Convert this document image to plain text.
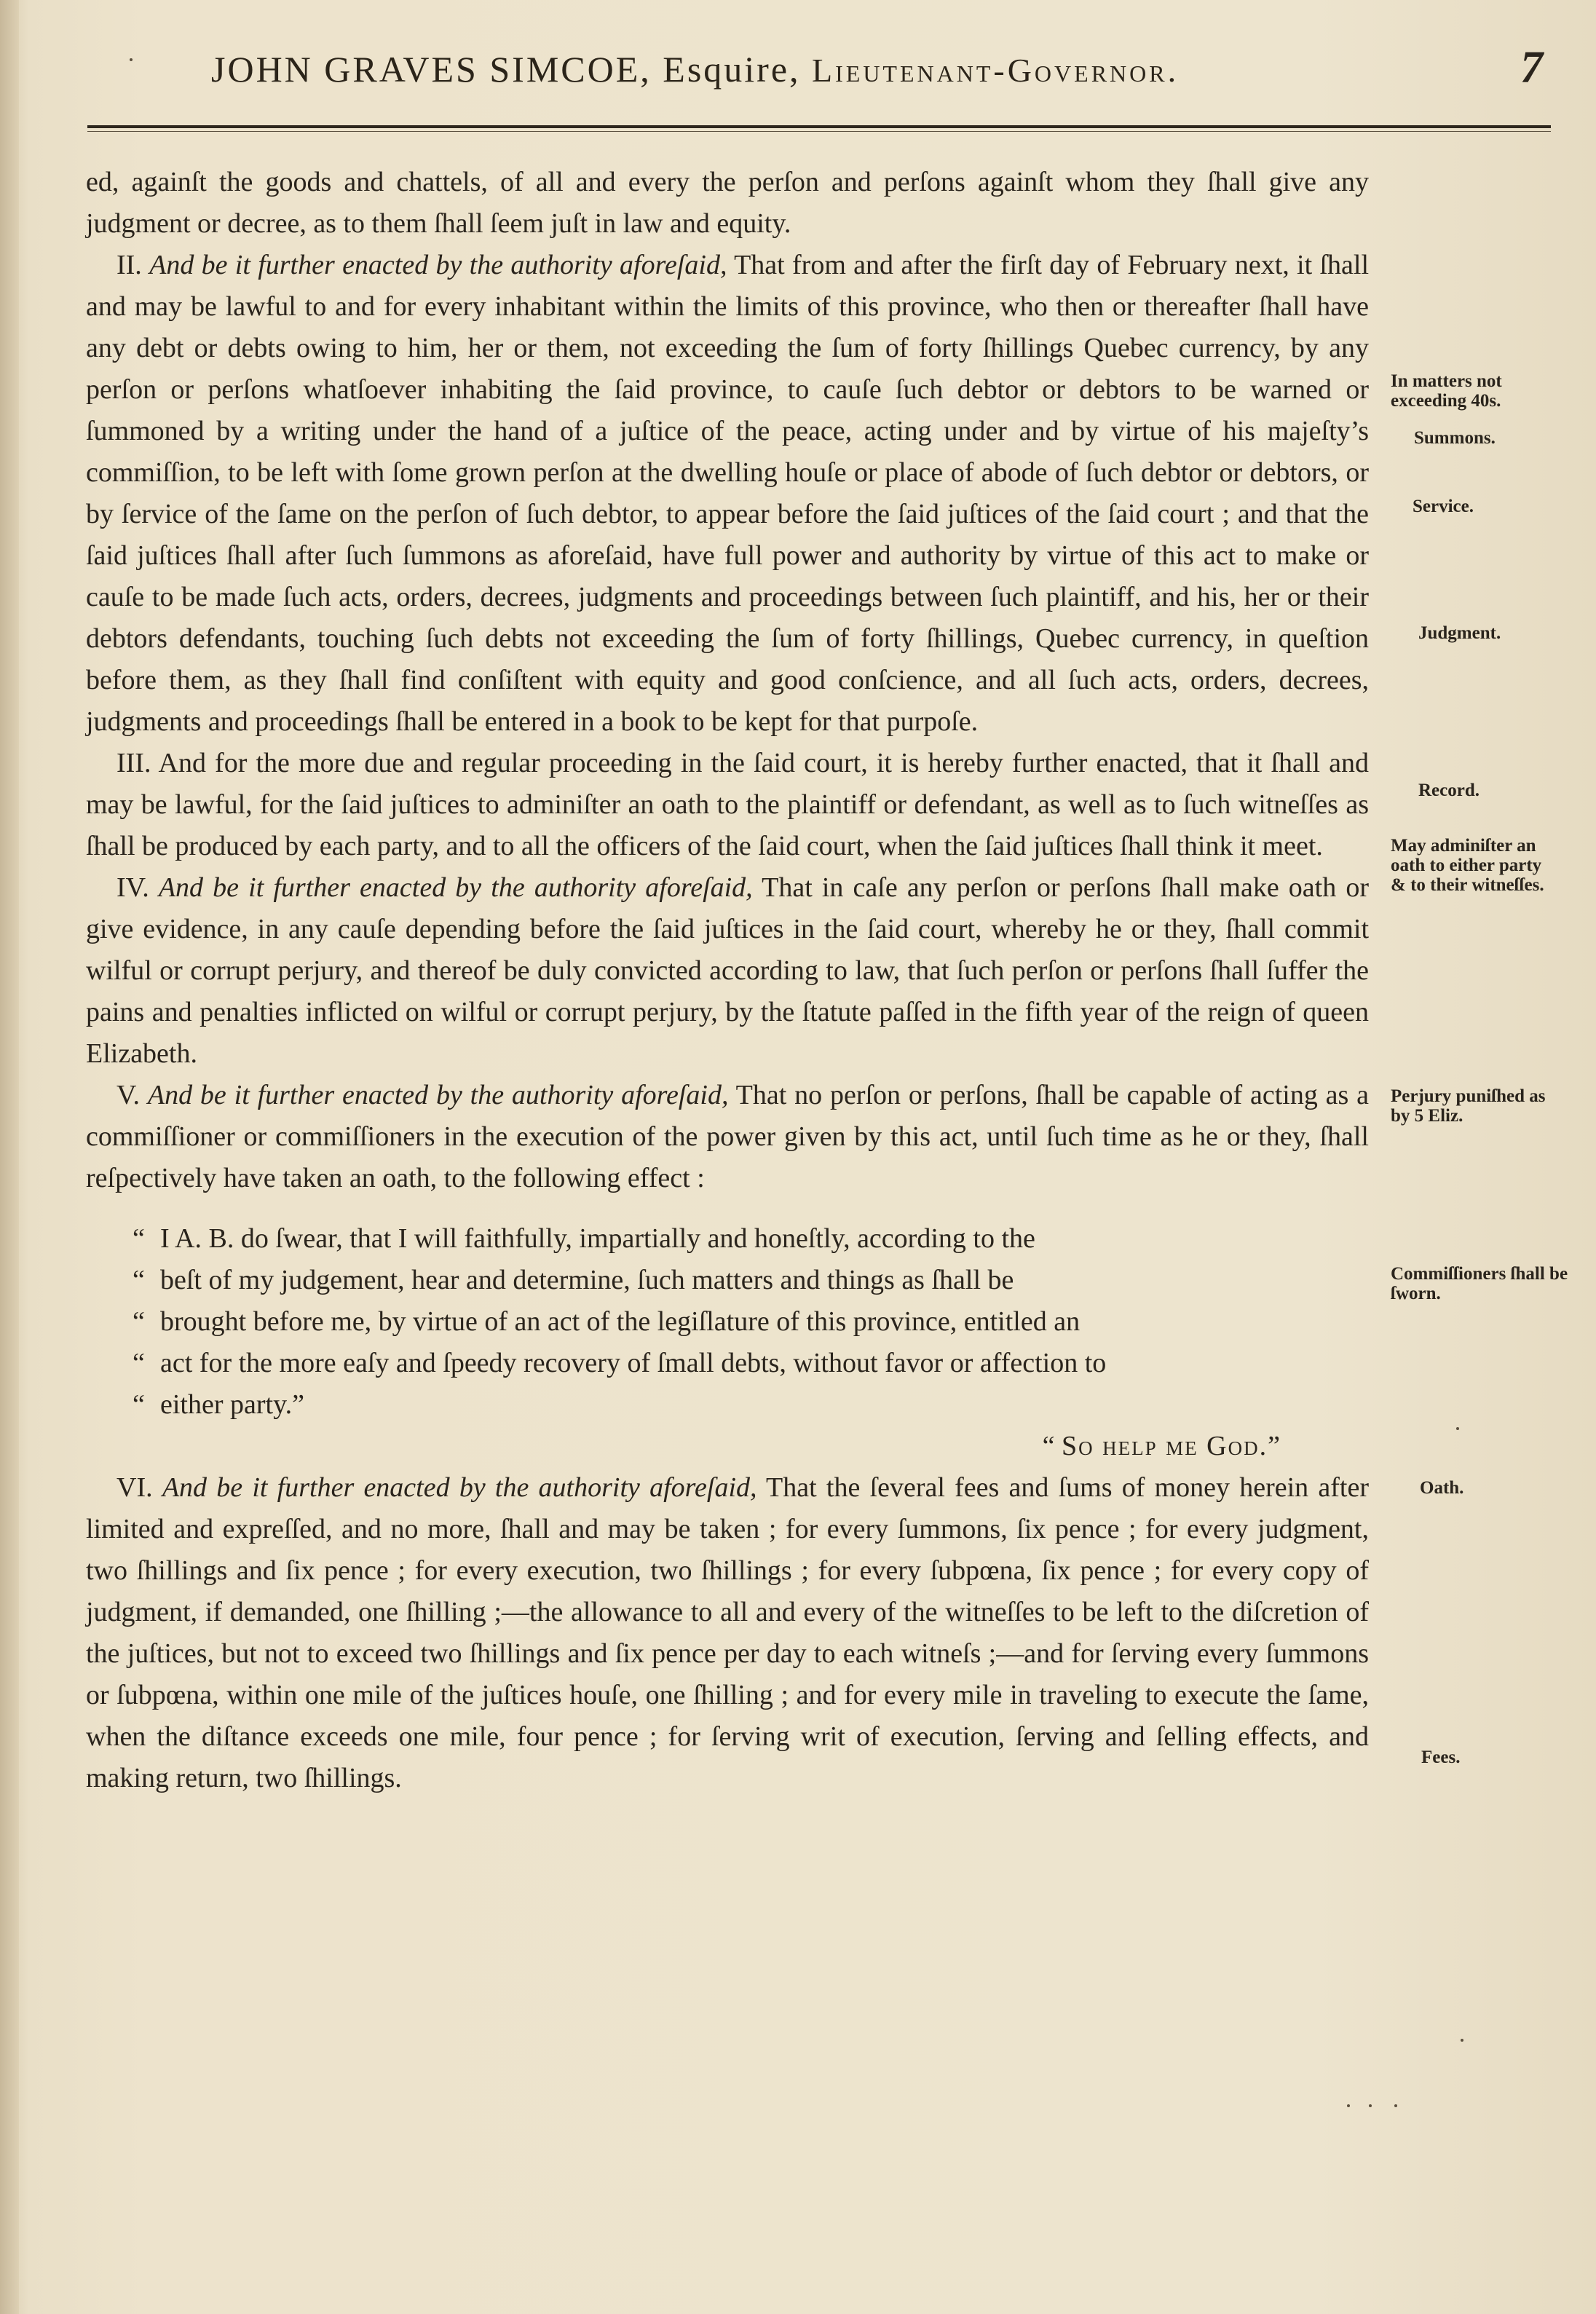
JOHN GRAVES SIMCOE, Esquire, Lieutenant-Governor.	7

ed, againſt the goods and chattels, of all and every the perſon and perſons againſt whom they ſhall give any judgment or decree, as to them ſhall ſeem juſt in law and equity.

II. And be it further enacted by the authority aforeſaid, That from and after the firſt day of February next, it ſhall and may be lawful to and for every inhabitant within the limits of this province, who then or thereafter ſhall have any debt or debts owing to him, her or them, not exceeding the ſum of forty ſhillings Quebec currency, by any perſon or perſons whatſoever inhabiting the ſaid province, to cauſe ſuch debtor or debtors to be warned or ſummoned by a writing under the hand of a juſtice of the peace, acting under and by virtue of his majeſty’s commiſſion, to be left with ſome grown perſon at the dwelling houſe or place of abode of ſuch debtor or debtors, or by ſervice of the ſame on the perſon of ſuch debtor, to appear before the ſaid juſtices of the ſaid court ; and that the ſaid juſtices ſhall after ſuch ſummons as aforeſaid, have full power and authority by virtue of this act to make or cauſe to be made ſuch acts, orders, decrees, judgments and proceedings between ſuch plaintiff, and his, her or their debtors defendants, touching ſuch debts not exceeding the ſum of forty ſhillings, Quebec currency, in queſtion before them, as they ſhall find conſiſtent with equity and good conſcience, and all ſuch acts, orders, decrees, judgments and proceedings ſhall be entered in a book to be kept for that purpoſe.

III. And for the more due and regular proceeding in the ſaid court, it is hereby further enacted, that it ſhall and may be lawful, for the ſaid juſtices to adminiſter an oath to the plaintiff or defendant, as well as to ſuch witneſſes as ſhall be produced by each party, and to all the officers of the ſaid court, when the ſaid juſtices ſhall think it meet.

IV. And be it further enacted by the authority aforeſaid, That in caſe any perſon or perſons ſhall make oath or give evidence, in any cauſe depending before the ſaid juſtices in the ſaid court, whereby he or they, ſhall commit wilful or corrupt perjury, and thereof be duly convicted according to law, that ſuch perſon or perſons ſhall ſuffer the pains and penalties inflicted on wilful or corrupt perjury, by the ſtatute paſſed in the fifth year of the reign of queen Elizabeth.

V. And be it further enacted by the authority aforeſaid, That no perſon or perſons, ſhall be capable of acting as a commiſſioner or commiſſioners in the execution of the power given by this act, until ſuch time as he or they, ſhall reſpectively have taken an oath, to the following effect :

“ I A. B. do ſwear, that I will faithfully, impartially and honeſtly, according to the

“ beſt of my judgement, hear and determine, ſuch matters and things as ſhall be

“ brought before me, by virtue of an act of the legiſlature of this province, entitled an

“ act for the more eaſy and ſpeedy recovery of ſmall debts, without favor or affection to

“ either party.”

“ So help me God.”

VI. And be it further enacted by the authority aforeſaid, That the ſeveral fees and ſums of money herein after limited and expreſſed, and no more, ſhall and may be taken ; for every ſummons, ſix pence ; for every judgment, two ſhillings and ſix pence ; for every execution, two ſhillings ; for every ſubpœna, ſix pence ; for every copy of judgment, if demanded, one ſhilling ;—the allowance to all and every of the witneſſes to be left to the diſcretion of the juſtices, but not to exceed two ſhillings and ſix pence per day to each witneſs ;—and for ſerving every ſummons or ſubpœna, within one mile of the juſtices houſe, one ſhilling ; and for every mile in traveling to execute the ſame, when the diſtance exceeds one mile, four pence ; for ſerving writ of execution, ſerving and ſelling effects, and making return, two ſhillings.

In matters not exceeding 40s.
Summons.
Service.
Judgment.
Record.
May adminiſter an oath to either party & to their witneſſes.
Perjury puniſhed as by 5 Eliz.
Commiſſioners ſhall be ſworn.
Oath.
Fees.
